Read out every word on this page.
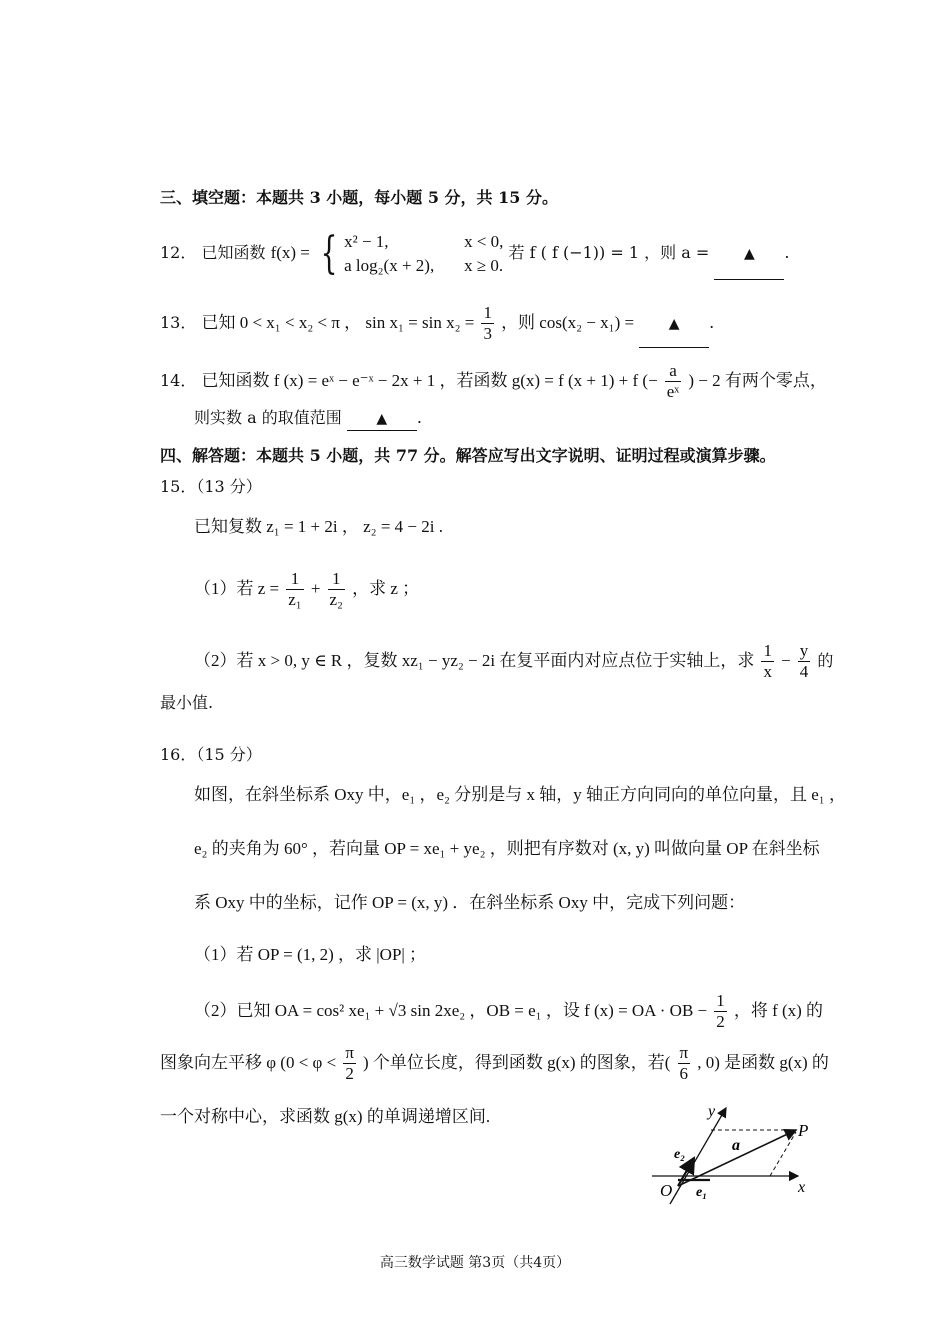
三、填空题：本题共 3 小题，每小题 5 分，共 15 分。
12． 已知函数 f(x) = { x² − 1,	x < 0,
a log₂(x + 2), x ≥ 0.
若 f ( f (−1)) = 1 ，则 a = ▲ .
13． 已知 0 < x₁ < x₂ < π ， $\sin x_1 = \sin x_2 = \frac{1}{3}$ ，则 cos(x₂ − x₁) = ▲ .
14． 已知函数 f (x) = eˣ − e⁻ˣ − 2x + 1 ，若函数 g(x) = f (x + 1) + f (− $\frac{a}{\text{eˣ}}$ ) − 2 有两个零点，
则实数 a 的取值范围 ▲ .
四、解答题：本题共 5 小题，共 77 分。解答应写出文字说明、证明过程或演算步骤。
15．（13 分）
已知复数 z₁ = 1 + 2i ， z₂ = 4 − 2i .
（1）若 $z = \frac{1}{\text{z₁}} + \frac{1}{\text{z₂}}$ ，求 z ；
（2）若 x > 0, y ∈ R ，复数 xz₁ − yz₂ − 2i 在复平面内对应点位于实轴上，求 $\frac{1}{x} - \frac{y}{4}$ 的
最小值.
16．（15 分）
如图，在斜坐标系 Oxy 中，e₁ ，e₂ 分别是与 x 轴，y 轴正方向同向的单位向量，且 e₁ ，
e₂ 的夹角为 60° ，若向量 OP = xe₁ + ye₂ ，则把有序数对 (x, y) 叫做向量 OP 在斜坐标
系 Oxy 中的坐标，记作 OP = (x, y) ．在斜坐标系 Oxy 中，完成下列问题：
（1）若 OP = (1, 2) ，求 |OP| ；
（2）已知 OA = cos² xe₁ + √3 sin 2xe₂ ，OB = e₁ ，设 f (x) = OA · OB − $\frac{1}{2}$ ，将 f (x) 的
图象向左平移 φ ($0 < \varphi < \frac{\pi}{2}$ ) 个单位长度，得到函数 g(x) 的图象，若( $\frac{\pi}{6}$ , 0) 是函数 g(x) 的
一个对称中心，求函数 g(x) 的单调递增区间.	y
P
e₂
a
O e₁	x
高三数学试题 第3页（共4页）
